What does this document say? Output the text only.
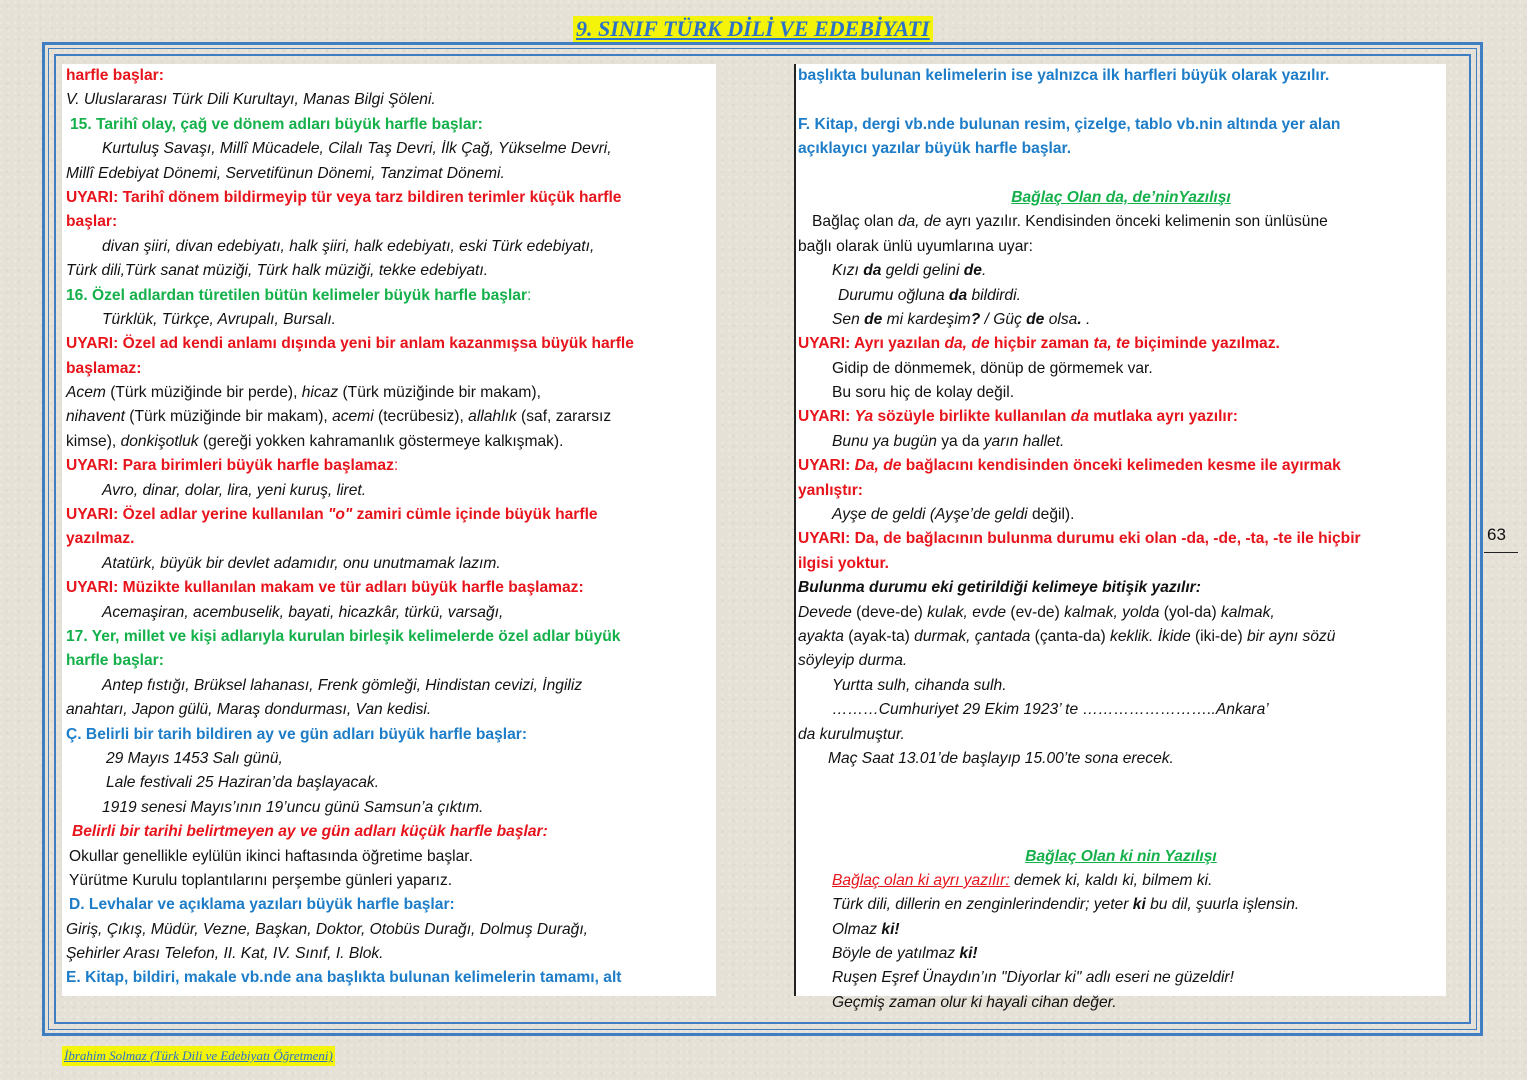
9. SINIF TÜRK DİLİ VE EDEBİYATI
harfle başlar:
V. Uluslararası Türk Dili Kurultayı, Manas Bilgi Şöleni.
15. Tarihî olay, çağ ve dönem adları büyük harfle başlar:
Kurtuluş Savaşı, Millî Mücadele, Cilalı Taş Devri, İlk Çağ, Yükselme Devri,
Millî Edebiyat Dönemi, Servetifünun Dönemi, Tanzimat Dönemi.
UYARI: Tarihî dönem bildirmeyip tür veya tarz bildiren terimler küçük harfle
başlar:
divan şiiri, divan edebiyatı, halk şiiri, halk edebiyatı, eski Türk edebiyatı,
Türk dili,Türk sanat müziği, Türk halk müziği, tekke edebiyatı.
16. Özel adlardan türetilen bütün kelimeler büyük harfle başlar:
Türklük, Türkçe, Avrupalı, Bursalı.
UYARI: Özel ad kendi anlamı dışında yeni bir anlam kazanmışsa büyük harfle
başlamaz:
Acem (Türk müziğinde bir perde), hicaz (Türk müziğinde bir makam),
nihavent (Türk müziğinde bir makam), acemi (tecrübesiz), allahlık (saf, zararsız
kimse), donkişotluk (gereği yokken kahramanlık göstermeye kalkışmak).
UYARI: Para birimleri büyük harfle başlamaz:
Avro, dinar, dolar, lira, yeni kuruş, liret.
UYARI: Özel adlar yerine kullanılan "o" zamiri cümle içinde büyük harfle
yazılmaz.
Atatürk, büyük bir devlet adamıdır, onu unutmamak lazım.
UYARI: Müzikte kullanılan makam ve tür adları büyük harfle başlamaz:
Acemaşiran, acembuselik, bayati, hicazkâr, türkü, varsağı,
17. Yer, millet ve kişi adlarıyla kurulan birleşik kelimelerde özel adlar büyük
harfle başlar:
Antep fıstığı, Brüksel lahanası, Frenk gömleği, Hindistan cevizi, İngiliz
anahtarı, Japon gülü, Maraş dondurması, Van kedisi.
Ç. Belirli bir tarih bildiren ay ve gün adları büyük harfle başlar:
29 Mayıs 1453 Salı günü,
Lale festivali 25 Haziran’da başlayacak.
1919 senesi Mayıs’ının 19’uncu günü Samsun’a çıktım.
Belirli bir tarihi belirtmeyen ay ve gün adları küçük harfle başlar:
Okullar genellikle eylülün ikinci haftasında öğretime başlar.
Yürütme Kurulu toplantılarını perşembe günleri yaparız.
D. Levhalar ve açıklama yazıları büyük harfle başlar:
Giriş, Çıkış, Müdür, Vezne, Başkan, Doktor, Otobüs Durağı, Dolmuş Durağı,
Şehirler Arası Telefon, II. Kat, IV. Sınıf, I. Blok.
E. Kitap, bildiri, makale vb.nde ana başlıkta bulunan kelimelerin tamamı, alt
başlıkta bulunan kelimelerin ise yalnızca ilk harfleri büyük olarak yazılır.
F. Kitap, dergi vb.nde bulunan resim, çizelge, tablo vb.nin altında yer alan
açıklayıcı yazılar büyük harfle başlar.
Bağlaç Olan da, de’ninYazılışı
Bağlaç olan da, de ayrı yazılır. Kendisinden önceki kelimenin son ünlüsüne
bağlı olarak ünlü uyumlarına uyar:
Kızı da geldi gelini de.
Durumu oğluna da bildirdi.
Sen de mi kardeşim? / Güç de olsa. .
UYARI: Ayrı yazılan da, de hiçbir zaman ta, te biçiminde yazılmaz.
Gidip de dönmemek, dönüp de görmemek var.
Bu soru hiç de kolay değil.
UYARI: Ya sözüyle birlikte kullanılan da mutlaka ayrı yazılır:
Bunu ya bugün ya da yarın hallet.
UYARI: Da, de bağlacını kendisinden önceki kelimeden kesme ile ayırmak
yanlıştır:
Ayşe de geldi (Ayşe’de geldi değil).
UYARI: Da, de bağlacının bulunma durumu eki olan -da, -de, -ta, -te ile hiçbir
ilgisi yoktur.
Bulunma durumu eki getirildiği kelimeye bitişik yazılır:
Devede (deve-de) kulak, evde (ev-de) kalmak, yolda (yol-da) kalmak,
ayakta (ayak-ta) durmak, çantada (çanta-da) keklik. İkide (iki-de) bir aynı sözü
söyleyip durma.
Yurtta sulh, cihanda sulh.
………Cumhuriyet 29 Ekim 1923’ te ……………………..Ankara’
da kurulmuştur.
Maç Saat 13.01’de başlayıp 15.00’te sona erecek.
Bağlaç Olan ki nin Yazılışı
Bağlaç olan ki ayrı yazılır: demek ki, kaldı ki, bilmem ki.
Türk dili, dillerin en zenginlerindendir; yeter ki bu dil, şuurla işlensin.
Olmaz ki!
Böyle de yatılmaz ki!
Ruşen Eşref Ünaydın’ın "Diyorlar ki" adlı eseri ne güzeldir!
Geçmiş zaman olur ki hayali cihan değer.
63
İbrahim Solmaz (Türk Dili ve Edebiyatı Öğretmeni)
